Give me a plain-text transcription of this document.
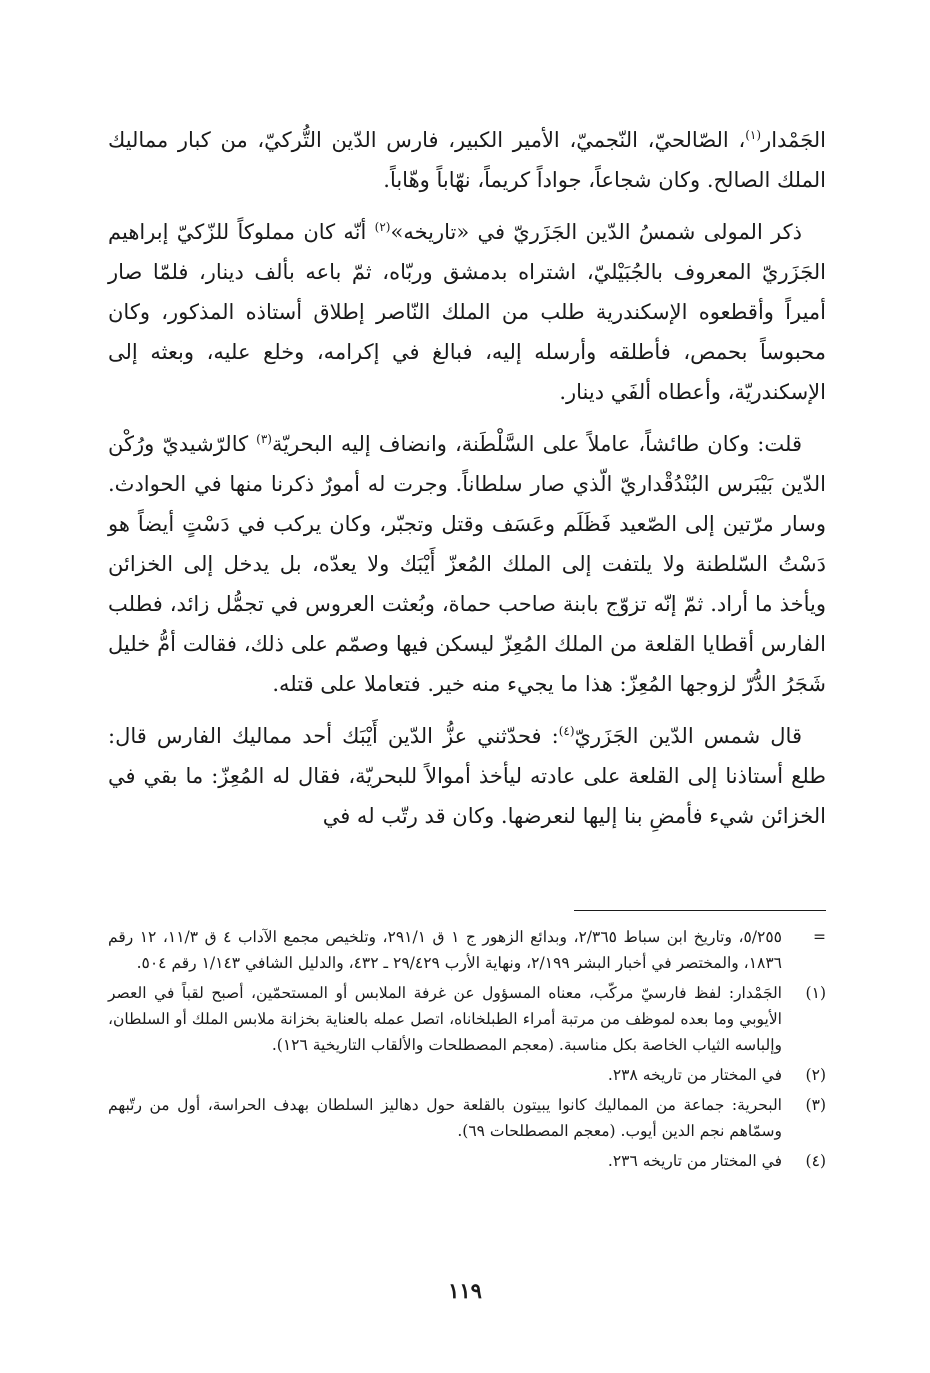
الجَمْدار$^{(١)}$، الصّالحيّ، النّجميّ، الأمير الكبير، فارس الدّين التُّركيّ، من كبار مماليك الملك الصالح. وكان شجاعاً، جواداً كريماً، نهّاباً وهّاباً.

ذكر المولى شمسُ الدّين الجَزَريّ في «تاريخه»$^{(٢)}$ أنّه كان مملوكاً للزّكيّ إبراهيم الجَزَريّ المعروف بالجُبَيْليّ، اشتراه بدمشق وربّاه، ثمّ باعه بألف دينار، فلمّا صار أميراً وأقطعوه الإسكندرية طلب من الملك النّاصر إطلاق أستاذه المذكور، وكان محبوساً بحمص، فأطلقه وأرسله إليه، فبالغ في إكرامه، وخلع عليه، وبعثه إلى الإسكندريّة، وأعطاه ألفَي دينار.

قلت: وكان طائشاً، عاملاً على السَّلْطَنة، وانضاف إليه البحريّة$^{(٣)}$ كالرّشيديّ ورُكْن الدّين بَيْبَرس البُنْدُقْداريّ الّذي صار سلطاناً. وجرت له أمورٌ ذكرنا منها في الحوادث. وسار مرّتين إلى الصّعيد فَظَلَم وعَسَف وقتل وتجبّر، وكان يركب في دَسْتٍ أيضاً هو دَسْتُ السّلطنة ولا يلتفت إلى الملك المُعزّ أَيْبَك ولا يعدّه، بل يدخل إلى الخزائن ويأخذ ما أراد. ثمّ إنّه تزوّج بابنة صاحب حماة، وبُعثت العروس في تجمُّل زائد، فطلب الفارس أقطايا القلعة من الملك المُعِزّ ليسكن فيها وصمّم على ذلك، فقالت أمُّ خليل شَجَرُ الدُّرّ لزوجها المُعِزّ: هذا ما يجيء منه خير. فتعاملا على قتله.

قال شمس الدّين الجَزَريّ$^{(٤)}$: فحدّثني عزُّ الدّين أَيْبَك أحد مماليك الفارس قال: طلع أستاذنا إلى القلعة على عادته ليأخذ أموالاً للبحريّة، فقال له المُعِزّ: ما بقي في الخزائن شيء فأمضِ بنا إليها لنعرضها. وكان قد رتّب له في

=
٥/٢٥٥، وتاريخ ابن سباط ٢/٣٦٥، وبدائع الزهور ج ١ ق ٢٩١/١، وتلخيص مجمع الآداب ٤ ق ١١/٣، ١٢ رقم ١٨٣٦، والمختصر في أخبار البشر ٢/١٩٩، ونهاية الأرب ٢٩/٤٢٩ ـ ٤٣٢، والدليل الشافي ١/١٤٣ رقم ٥٠٤.
(١)
الجَمْدار: لفظ فارسيّ مركّب، معناه المسؤول عن غرفة الملابس أو المستحمّين، أصبح لقباً في العصر الأيوبي وما بعده لموظف من مرتبة أمراء الطبلخاناه، اتصل عمله بالعناية بخزانة ملابس الملك أو السلطان، وإلباسه الثياب الخاصة بكل مناسبة. (معجم المصطلحات والألقاب التاريخية ١٢٦).
(٢)
في المختار من تاريخه ٢٣٨.
(٣)
البحرية: جماعة من المماليك كانوا يبيتون بالقلعة حول دهاليز السلطان بهدف الحراسة، أول من رتّبهم وسمّاهم نجم الدين أيوب. (معجم المصطلحات ٦٩).
(٤)
في المختار من تاريخه ٢٣٦.
١١٩
